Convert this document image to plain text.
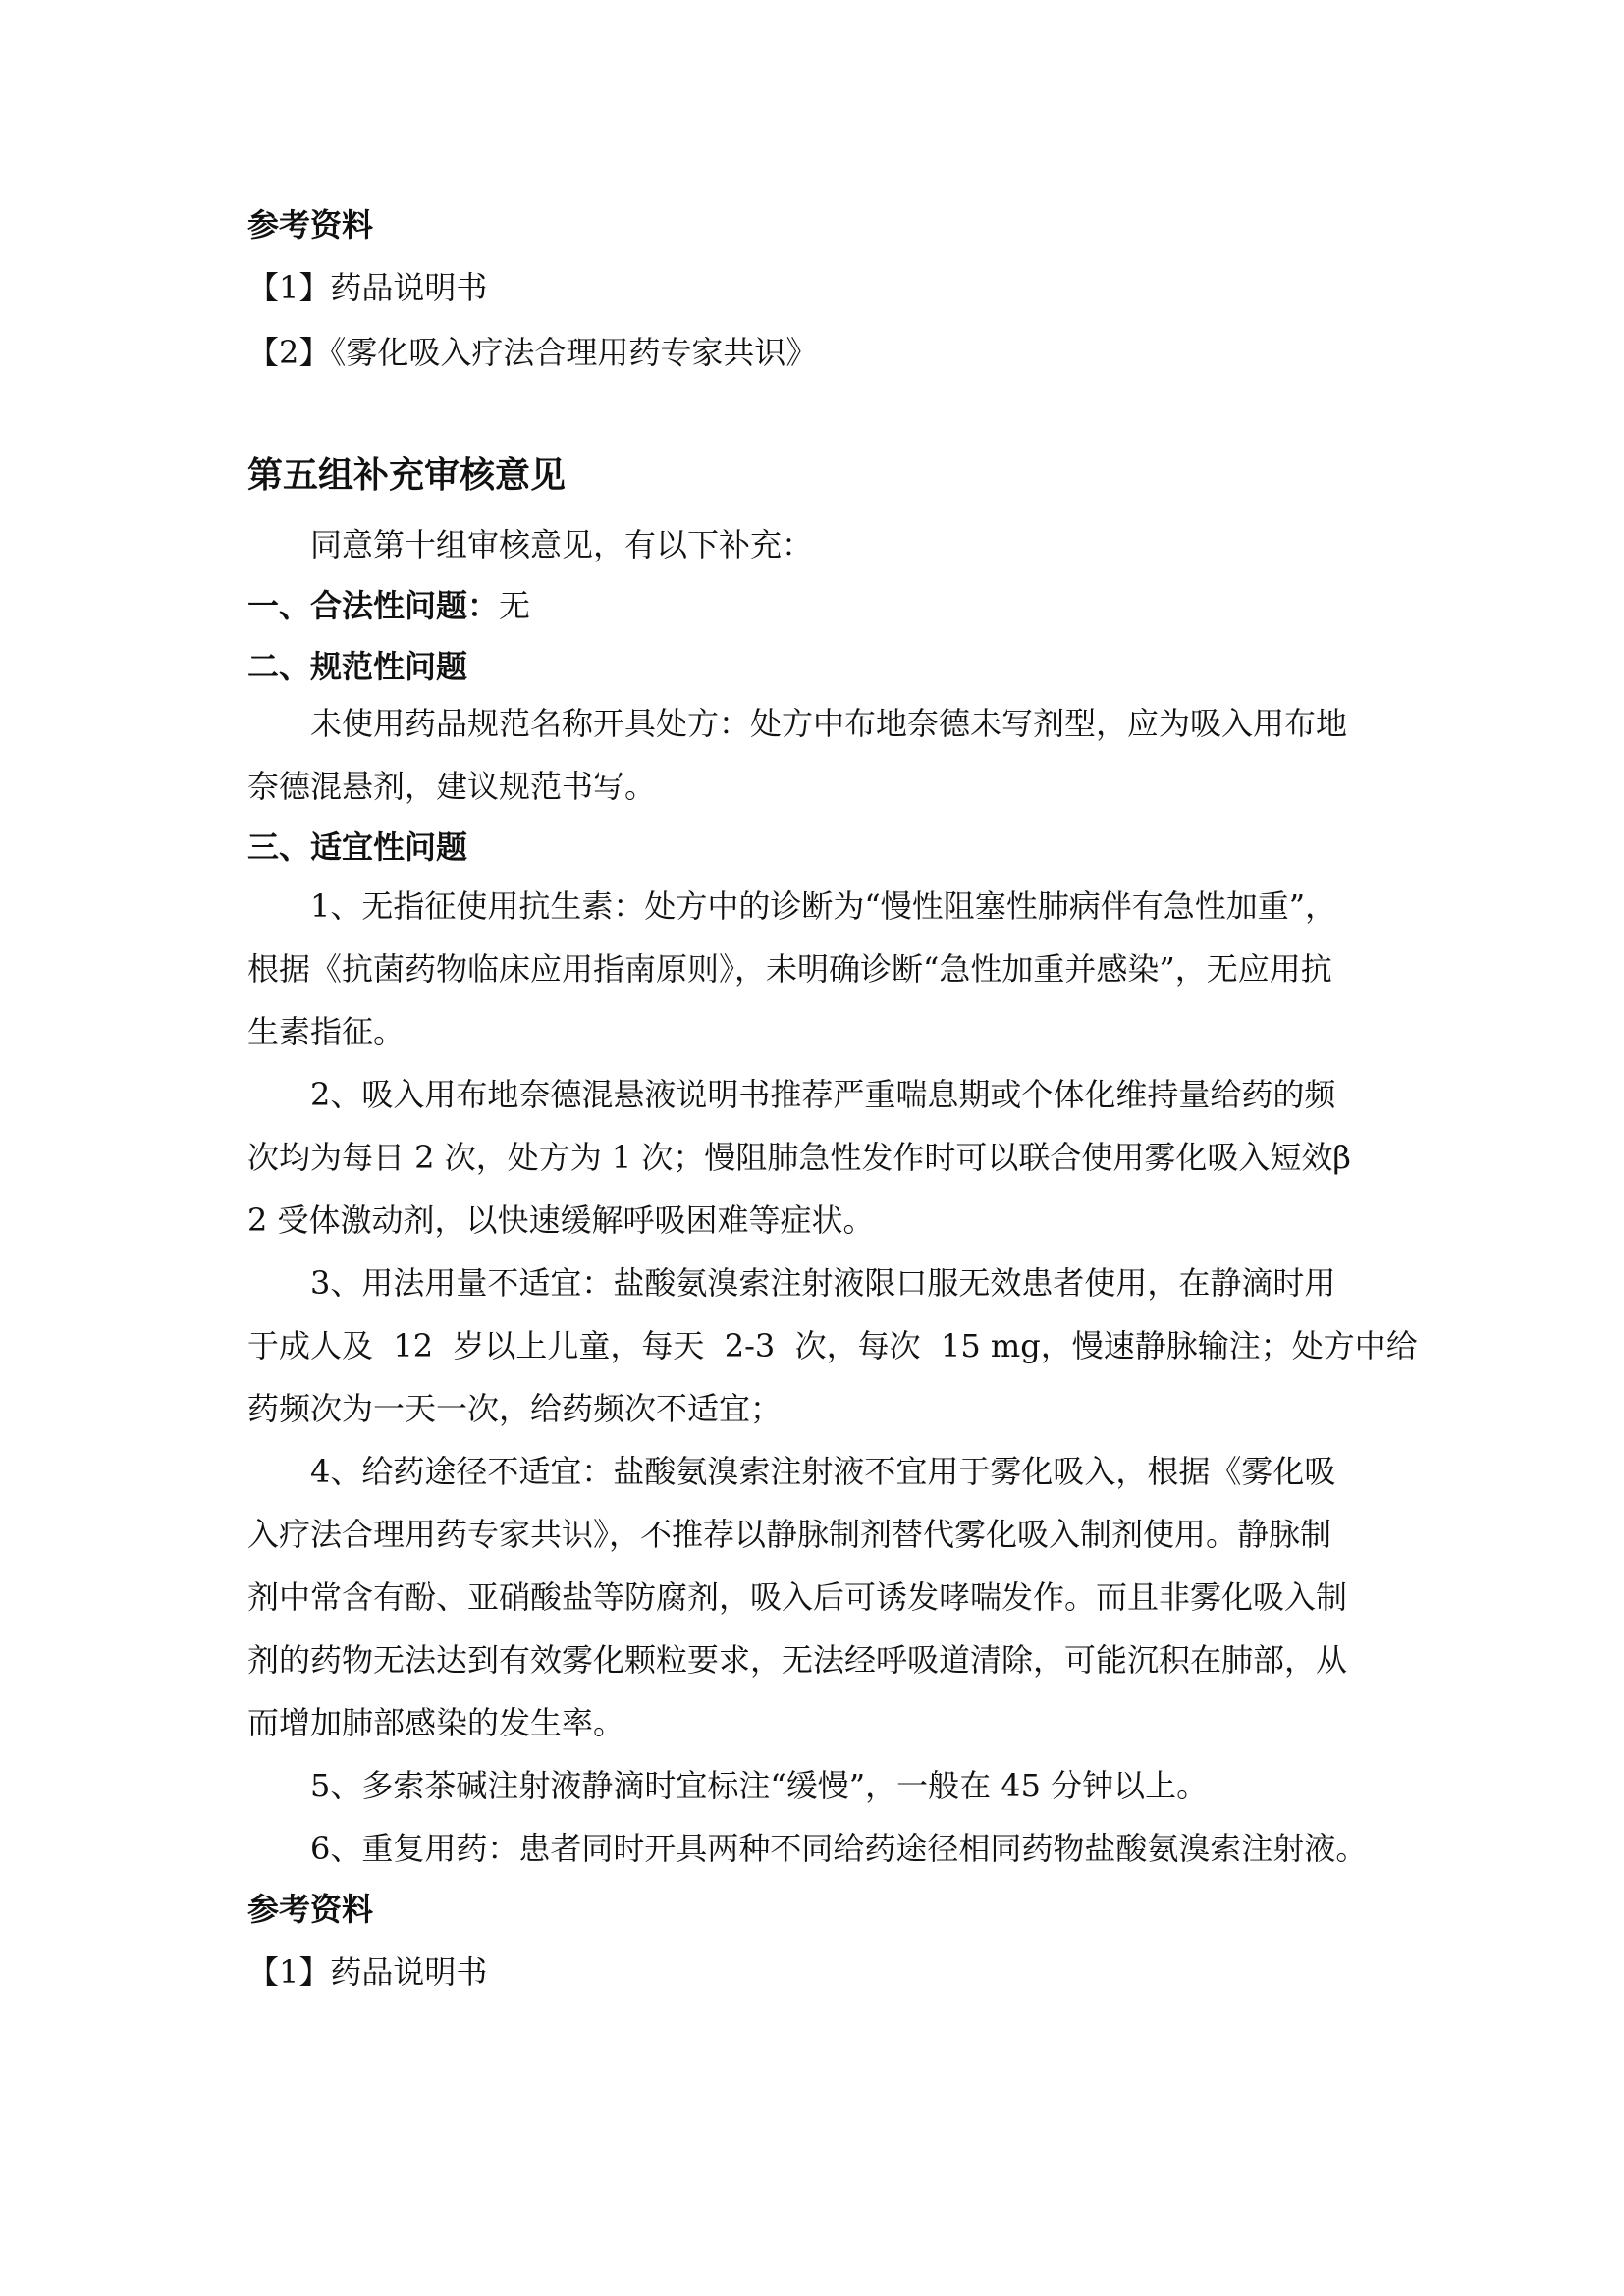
参考资料

【1】药品说明书

【2】《雾化吸入疗法合理用药专家共识》

第五组补充审核意见

同意第十组审核意见，有以下补充：

一、合法性问题：无

二、规范性问题

未使用药品规范名称开具处方：处方中布地奈德未写剂型，应为吸入用布地

奈德混悬剂，建议规范书写。

三、适宜性问题

1、无指征使用抗生素：处方中的诊断为“慢性阻塞性肺病伴有急性加重”，

根据《抗菌药物临床应用指南原则》，未明确诊断“急性加重并感染”，无应用抗

生素指征。

2、吸入用布地奈德混悬液说明书推荐严重喘息期或个体化维持量给药的频

次均为每日 2 次，处方为 1 次；慢阻肺急性发作时可以联合使用雾化吸入短效β

2 受体激动剂，以快速缓解呼吸困难等症状。

3、用法用量不适宜：盐酸氨溴索注射液限口服无效患者使用，在静滴时用

于成人及  12  岁以上儿童，每天  2-3  次，每次  15 mg，慢速静脉输注；处方中给

药频次为一天一次，给药频次不适宜；

4、给药途径不适宜：盐酸氨溴索注射液不宜用于雾化吸入，根据《雾化吸

入疗法合理用药专家共识》，不推荐以静脉制剂替代雾化吸入制剂使用。静脉制

剂中常含有酚、亚硝酸盐等防腐剂，吸入后可诱发哮喘发作。而且非雾化吸入制

剂的药物无法达到有效雾化颗粒要求，无法经呼吸道清除，可能沉积在肺部，从

而增加肺部感染的发生率。

5、多索茶碱注射液静滴时宜标注“缓慢”，一般在 45 分钟以上。

6、重复用药：患者同时开具两种不同给药途径相同药物盐酸氨溴索注射液。

参考资料

【1】药品说明书
